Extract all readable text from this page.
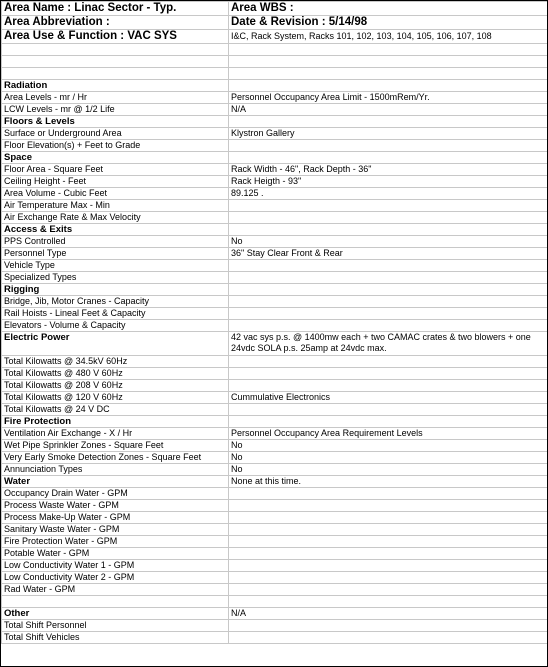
Area Name : Linac Sector - Typ.	Area WBS :
Area Abbreviation :	Date & Revision : 5/14/98
Area Use & Function : VAC SYS	I&C, Rack System, Racks 101, 102, 103, 104, 105, 106, 107, 108

Radiation	
Area Levels - mr / Hr	Personnel Occupancy Area Limit - 1500mRem/Yr.
LCW Levels - mr @ 1/2 Life	N/A
Floors & Levels	
Surface or Underground Area	Klystron Gallery
Floor Elevation(s) + Feet to Grade	
Space	
Floor Area - Square Feet	Rack Width - 46", Rack Depth - 36"
Ceiling Height - Feet	Rack Heigth - 93"
Area Volume - Cubic Feet	89.125 .
Air Temperature Max - Min	
Air Exchange Rate & Max Velocity	
Access & Exits	
PPS Controlled	No
Personnel Type	36" Stay Clear Front & Rear
Vehicle Type	
Specialized Types	
Rigging	
Bridge, Jib, Motor Cranes - Capacity	
Rail Hoists - Lineal Feet & Capacity	
Elevators - Volume & Capacity	
Electric Power	42 vac sys p.s. @ 1400mw each + two CAMAC crates & two blowers + one 24vdc SOLA p.s. 25amp at 24vdc max.
Total Kilowatts @ 34.5kV 60Hz	
Total Kilowatts @ 480 V 60Hz	
Total Kilowatts @ 208 V 60Hz	
Total Kilowatts @ 120 V 60Hz	Cummulative Electronics
Total Kilowatts @ 24 V DC	
Fire Protection	
Ventilation Air Exchange - X / Hr	Personnel Occupancy Area Requirement Levels
Wet Pipe Sprinkler Zones - Square Feet	No
Very Early Smoke Detection Zones - Square Feet	No
Annunciation Types	No
Water	None at this time.
Occupancy Drain Water - GPM	
Process Waste Water - GPM	
Process Make-Up Water - GPM	
Sanitary Waste Water - GPM	
Fire Protection Water - GPM	
Potable Water - GPM	
Low Conductivity Water 1 - GPM	
Low Conductivity Water 2 - GPM	
Rad Water - GPM	

Other	N/A
Total Shift Personnel	
Total Shift Vehicles	
